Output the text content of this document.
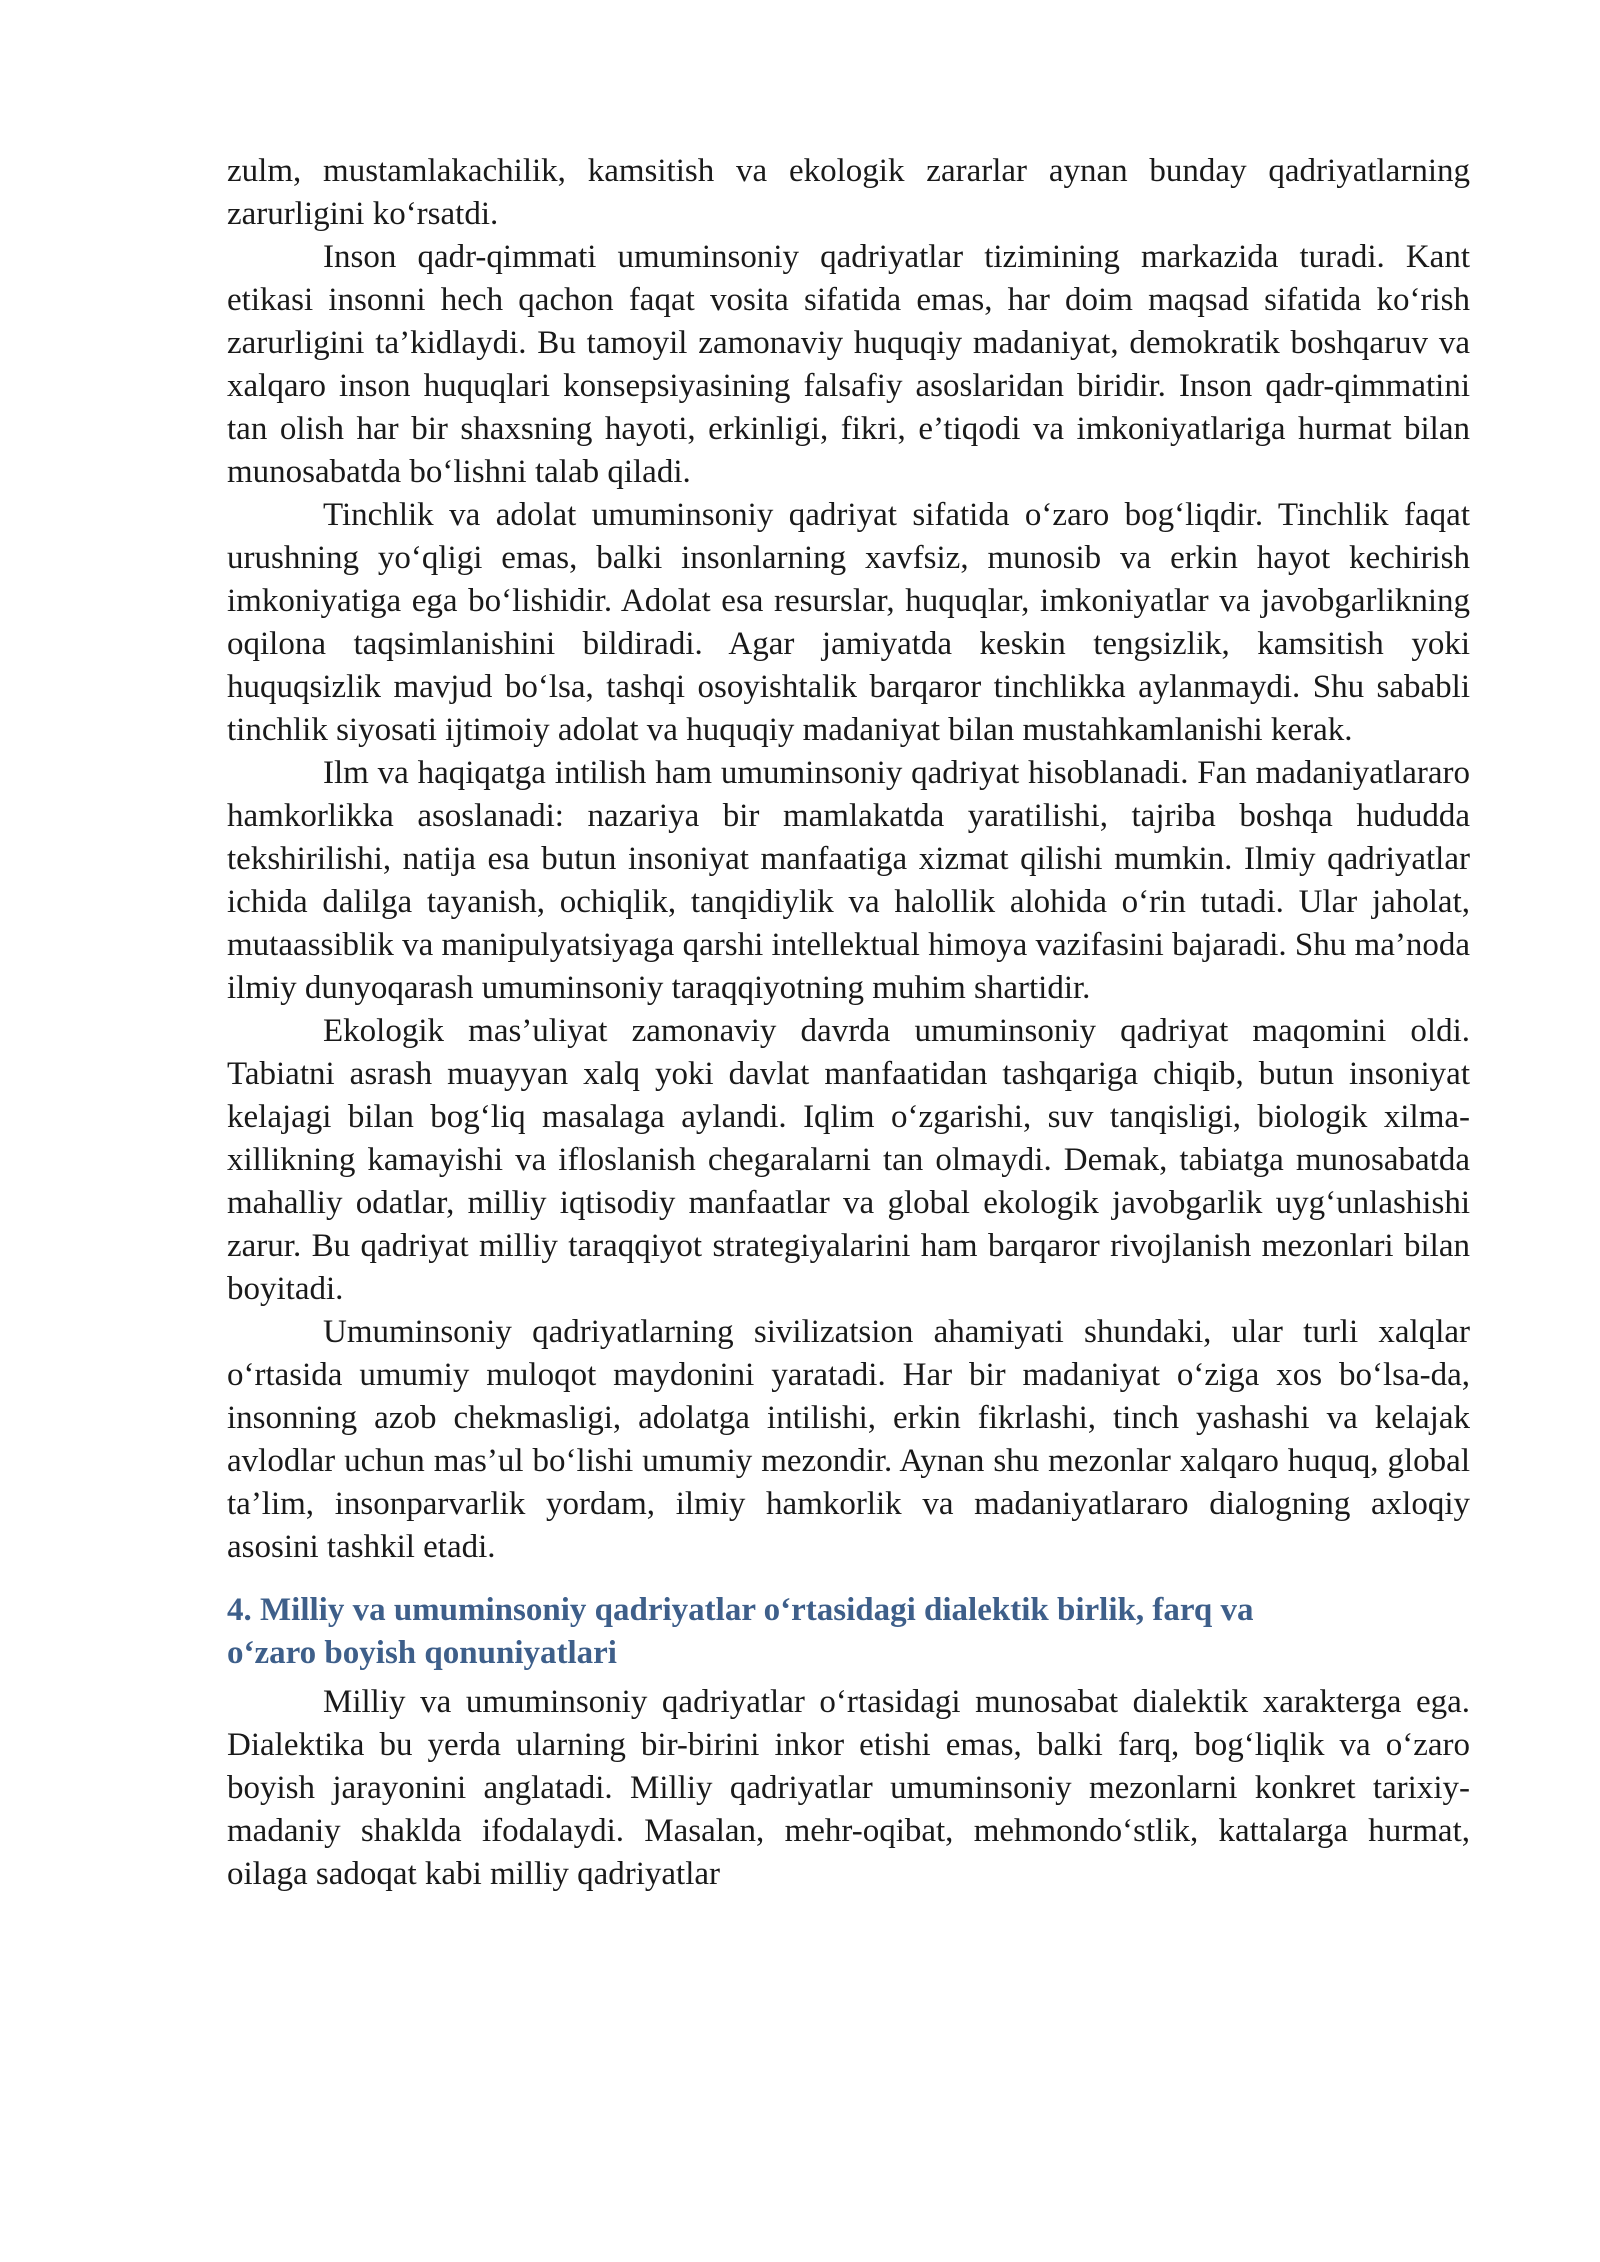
zulm, mustamlakachilik, kamsitish va ekologik zararlar aynan bunday qadriyatlarning zarurligini ko‘rsatdi.

Inson qadr-qimmati umuminsoniy qadriyatlar tizimining markazida turadi. Kant etikasi insonni hech qachon faqat vosita sifatida emas, har doim maqsad sifatida ko‘rish zarurligini ta’kidlaydi. Bu tamoyil zamonaviy huquqiy madaniyat, demokratik boshqaruv va xalqaro inson huquqlari konsepsiyasining falsafiy asoslaridan biridir. Inson qadr-qimmatini tan olish har bir shaxsning hayoti, erkinligi, fikri, e’tiqodi va imkoniyatlariga hurmat bilan munosabatda bo‘lishni talab qiladi.

Tinchlik va adolat umuminsoniy qadriyat sifatida o‘zaro bog‘liqdir. Tinchlik faqat urushning yo‘qligi emas, balki insonlarning xavfsiz, munosib va erkin hayot kechirish imkoniyatiga ega bo‘lishidir. Adolat esa resurslar, huquqlar, imkoniyatlar va javobgarlikning oqilona taqsimlanishini bildiradi. Agar jamiyatda keskin tengsizlik, kamsitish yoki huquqsizlik mavjud bo‘lsa, tashqi osoyishtalik barqaror tinchlikka aylanmaydi. Shu sababli tinchlik siyosati ijtimoiy adolat va huquqiy madaniyat bilan mustahkamlanishi kerak.

Ilm va haqiqatga intilish ham umuminsoniy qadriyat hisoblanadi. Fan madaniyatlararo hamkorlikka asoslanadi: nazariya bir mamlakatda yaratilishi, tajriba boshqa hududda tekshirilishi, natija esa butun insoniyat manfaatiga xizmat qilishi mumkin. Ilmiy qadriyatlar ichida dalilga tayanish, ochiqlik, tanqidiylik va halollik alohida o‘rin tutadi. Ular jaholat, mutaassiblik va manipulyatsiyaga qarshi intellektual himoya vazifasini bajaradi. Shu ma’noda ilmiy dunyoqarash umuminsoniy taraqqiyotning muhim shartidir.

Ekologik mas’uliyat zamonaviy davrda umuminsoniy qadriyat maqomini oldi. Tabiatni asrash muayyan xalq yoki davlat manfaatidan tashqariga chiqib, butun insoniyat kelajagi bilan bog‘liq masalaga aylandi. Iqlim o‘zgarishi, suv tanqisligi, biologik xilma-xillikning kamayishi va ifloslanish chegaralarni tan olmaydi. Demak, tabiatga munosabatda mahalliy odatlar, milliy iqtisodiy manfaatlar va global ekologik javobgarlik uyg‘unlashishi zarur. Bu qadriyat milliy taraqqiyot strategiyalarini ham barqaror rivojlanish mezonlari bilan boyitadi.

Umuminsoniy qadriyatlarning sivilizatsion ahamiyati shundaki, ular turli xalqlar o‘rtasida umumiy muloqot maydonini yaratadi. Har bir madaniyat o‘ziga xos bo‘lsa-da, insonning azob chekmasligi, adolatga intilishi, erkin fikrlashi, tinch yashashi va kelajak avlodlar uchun mas’ul bo‘lishi umumiy mezondir. Aynan shu mezonlar xalqaro huquq, global ta’lim, insonparvarlik yordam, ilmiy hamkorlik va madaniyatlararo dialogning axloqiy asosini tashkil etadi.

4. Milliy va umuminsoniy qadriyatlar o‘rtasidagi dialektik birlik, farq va
o‘zaro boyish qonuniyatlari

Milliy va umuminsoniy qadriyatlar o‘rtasidagi munosabat dialektik xarakterga ega. Dialektika bu yerda ularning bir-birini inkor etishi emas, balki farq, bog‘liqlik va o‘zaro boyish jarayonini anglatadi. Milliy qadriyatlar umuminsoniy mezonlarni konkret tarixiy-madaniy shaklda ifodalaydi. Masalan, mehr-oqibat, mehmondo‘stlik, kattalarga hurmat, oilaga sadoqat kabi milliy qadriyatlar
